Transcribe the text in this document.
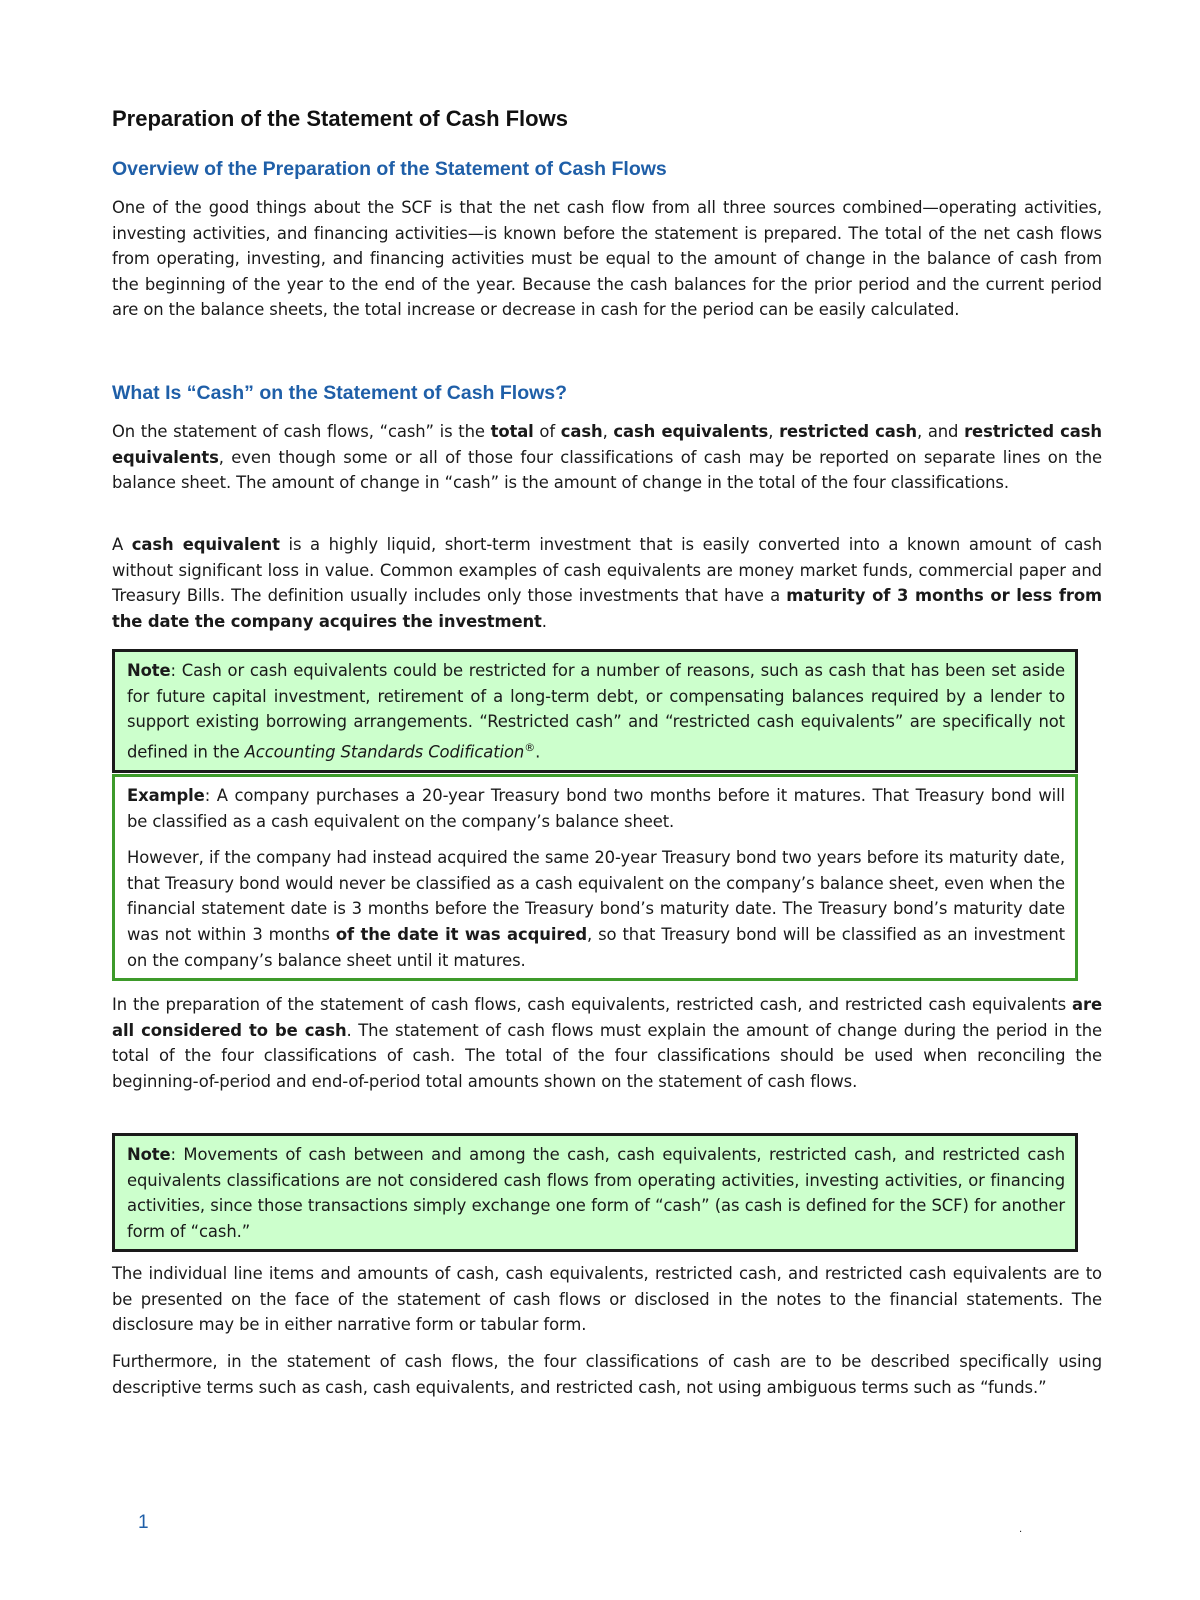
Preparation of the Statement of Cash Flows
Overview of the Preparation of the Statement of Cash Flows

One of the good things about the SCF is that the net cash flow from all three sources combined—operating activities, investing activities, and financing activities—is known before the statement is prepared. The total of the net cash flows from operating, investing, and financing activities must be equal to the amount of change in the balance of cash from the beginning of the year to the end of the year. Because the cash balances for the prior period and the current period are on the balance sheets, the total increase or decrease in cash for the period can be easily calculated.

What Is “Cash” on the Statement of Cash Flows?

On the statement of cash flows, “cash” is the total of cash, cash equivalents, restricted cash, and restricted cash equivalents, even though some or all of those four classifications of cash may be reported on separate lines on the balance sheet. The amount of change in “cash” is the amount of change in the total of the four classifications.

A cash equivalent is a highly liquid, short-term investment that is easily converted into a known amount of cash without significant loss in value. Common examples of cash equivalents are money market funds, commercial paper and Treasury Bills. The definition usually includes only those investments that have a maturity of 3 months or less from the date the company acquires the investment.

Note: Cash or cash equivalents could be restricted for a number of reasons, such as cash that has been set aside for future capital investment, retirement of a long-term debt, or compensating balances required by a lender to support existing borrowing arrangements. “Restricted cash” and “restricted cash equivalents” are specifically not defined in the Accounting Standards Codification®.

Example: A company purchases a 20-year Treasury bond two months before it matures. That Treasury bond will be classified as a cash equivalent on the company’s balance sheet.

However, if the company had instead acquired the same 20-year Treasury bond two years before its maturity date, that Treasury bond would never be classified as a cash equivalent on the company’s balance sheet, even when the financial statement date is 3 months before the Treasury bond’s maturity date. The Treasury bond’s maturity date was not within 3 months of the date it was acquired, so that Treasury bond will be classified as an investment on the company’s balance sheet until it matures.

In the preparation of the statement of cash flows, cash equivalents, restricted cash, and restricted cash equivalents are all considered to be cash. The statement of cash flows must explain the amount of change during the period in the total of the four classifications of cash. The total of the four classifications should be used when reconciling the beginning-of-period and end-of-period total amounts shown on the statement of cash flows.

Note: Movements of cash between and among the cash, cash equivalents, restricted cash, and restricted cash equivalents classifications are not considered cash flows from operating activities, investing activities, or financing activities, since those transactions simply exchange one form of “cash” (as cash is defined for the SCF) for another form of “cash.”

The individual line items and amounts of cash, cash equivalents, restricted cash, and restricted cash equivalents are to be presented on the face of the statement of cash flows or disclosed in the notes to the financial statements. The disclosure may be in either narrative form or tabular form.

Furthermore, in the statement of cash flows, the four classifications of cash are to be described specifically using descriptive terms such as cash, cash equivalents, and restricted cash, not using ambiguous terms such as “funds.”

1	.
